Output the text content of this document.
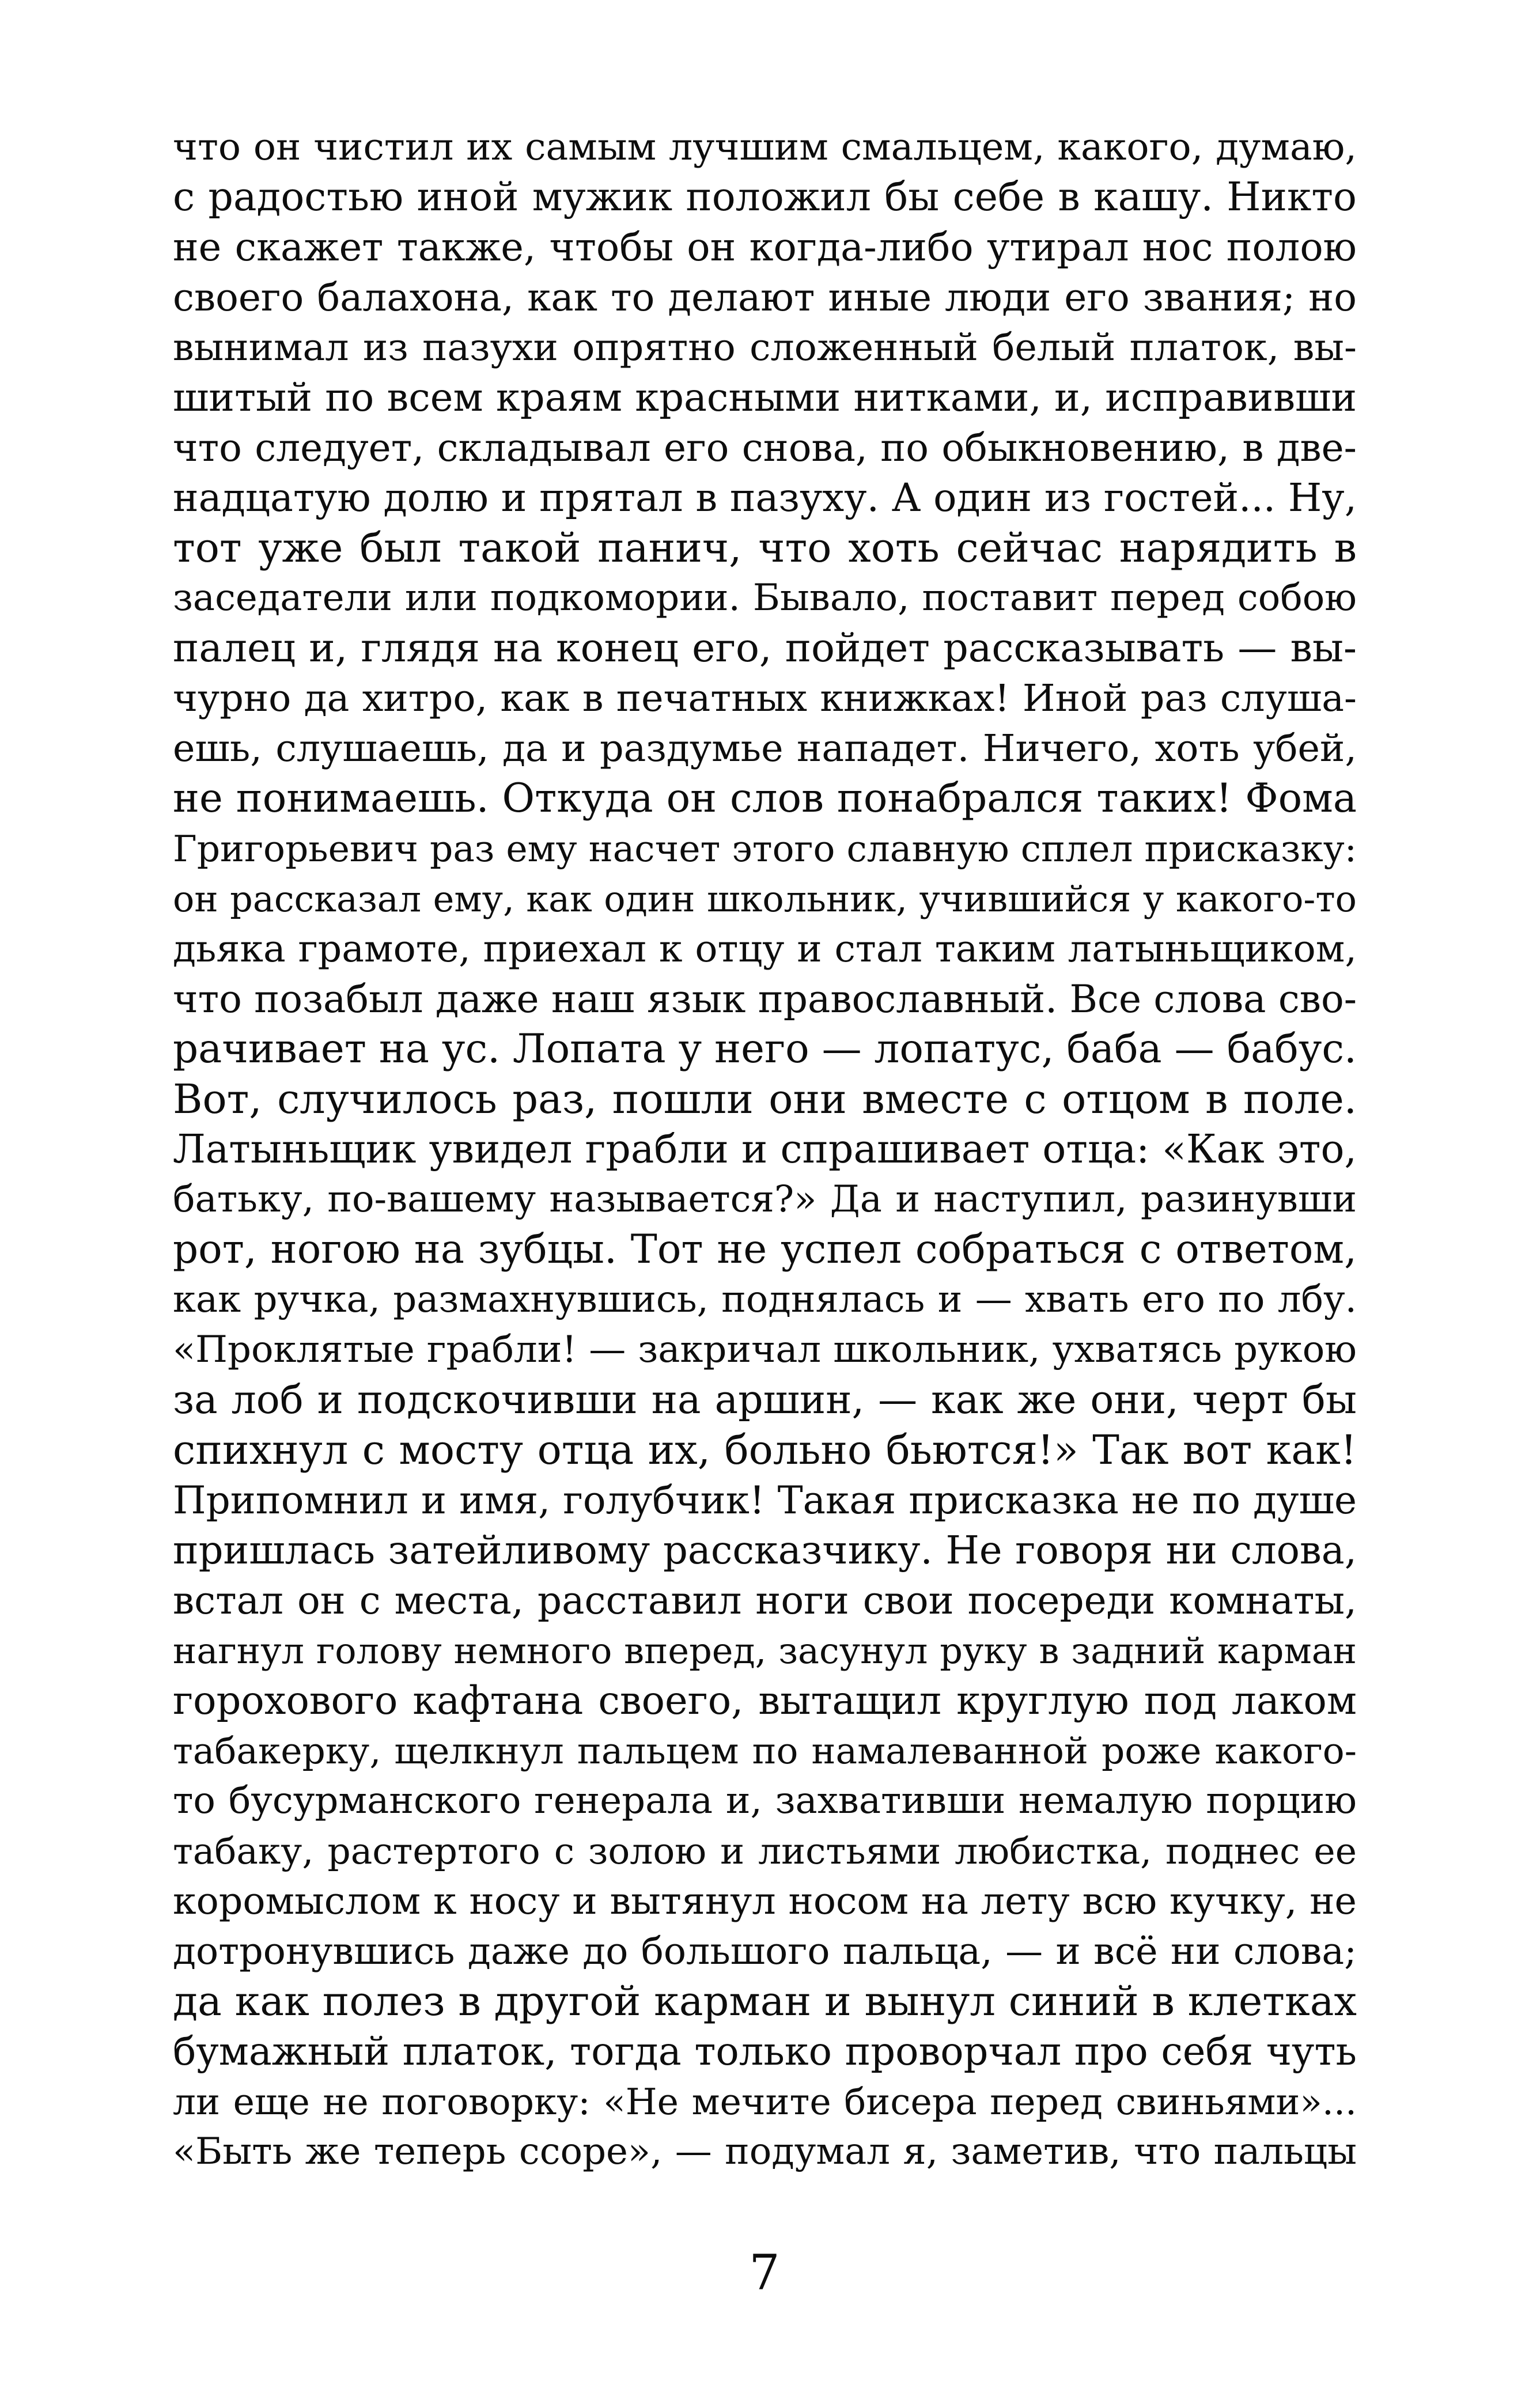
что он чистил их самым лучшим смальцем, какого, думаю,
с радостью иной мужик положил бы себе в кашу. Никто
не скажет также, чтобы он когда-либо утирал нос полою
своего балахона, как то делают иные люди его звания; но
вынимал из пазухи опрятно сложенный белый платок, вы-
шитый по всем краям красными нитками, и, исправивши
что следует, складывал его снова, по обыкновению, в две-
надцатую долю и прятал в пазуху. А один из гостей... Ну,
тот уже был такой панич, что хоть сейчас нарядить в
заседатели или подкомории. Бывало, поставит перед собою
палец и, глядя на конец его, пойдет рассказывать — вы-
чурно да хитро, как в печатных книжках! Иной раз слуша-
ешь, слушаешь, да и раздумье нападет. Ничего, хоть убей,
не понимаешь. Откуда он слов понабрался таких! Фома
Григорьевич раз ему насчет этого славную сплел присказку:
он рассказал ему, как один школьник, учившийся у какого-то
дьяка грамоте, приехал к отцу и стал таким латыньщиком,
что позабыл даже наш язык православный. Все слова сво-
рачивает на ус. Лопата у него — лопатус, баба — бабус.
Вот, случилось раз, пошли они вместе с отцом в поле.
Латыньщик увидел грабли и спрашивает отца: «Как это,
батьку, по-вашему называется?» Да и наступил, разинувши
рот, ногою на зубцы. Тот не успел собраться с ответом,
как ручка, размахнувшись, поднялась и — хвать его по лбу.
«Проклятые грабли! — закричал школьник, ухватясь рукою
за лоб и подскочивши на аршин, — как же они, черт бы
спихнул с мосту отца их, больно бьются!» Так вот как!
Припомнил и имя, голубчик! Такая присказка не по душе
пришлась затейливому рассказчику. Не говоря ни слова,
встал он с места, расставил ноги свои посереди комнаты,
нагнул голову немного вперед, засунул руку в задний карман
горохового кафтана своего, вытащил круглую под лаком
табакерку, щелкнул пальцем по намалеванной роже какого-
то бусурманского генерала и, захвативши немалую порцию
табаку, растертого с золою и листьями любистка, поднес ее
коромыслом к носу и вытянул носом на лету всю кучку, не
дотронувшись даже до большого пальца, — и всё ни слова;
да как полез в другой карман и вынул синий в клетках
бумажный платок, тогда только проворчал про себя чуть
ли еще не поговорку: «Не мечите бисера перед свиньями»...
«Быть же теперь ссоре», — подумал я, заметив, что пальцы
7
